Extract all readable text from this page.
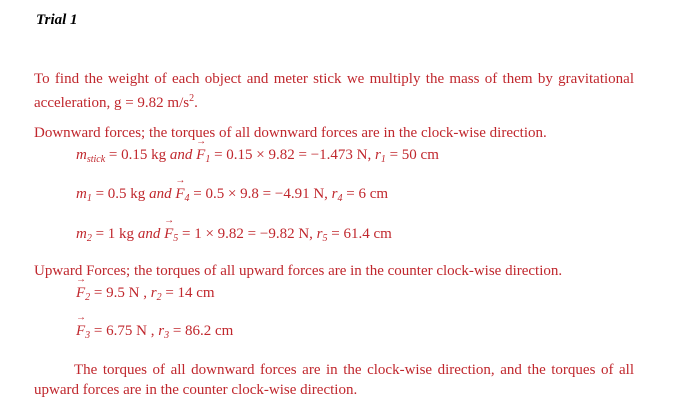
Trial 1
To find the weight of each object and meter stick we multiply the mass of them by gravitational acceleration, g = 9.82 $m/s^2$.
Downward forces; the torques of all downward forces are in the clock-wise direction.
$m_{stick} = 0.15$ kg and → $F_1 = 0.15 \times 9.82 = -1.473$ N, $r_1 = 50$ cm
$m_1 = 0.5$ kg and → $F_4 = 0.5 \times 9.8 = -4.91$ N, $r_4 = 6$ cm
$m_2 = 1$ kg and → $F_5 = 1 \times 9.82 = -9.82$ N, $r_5 = 61.4$ cm
Upward Forces; the torques of all upward forces are in the counter clock-wise direction.
→ $F_2 = 9.5$ N , $r_2 = 14$ cm
→ $F_3 = 6.75$ N , $r_3 = 86.2$ cm
The torques of all downward forces are in the clock-wise direction, and the torques of all upward forces are in the counter clock-wise direction.
